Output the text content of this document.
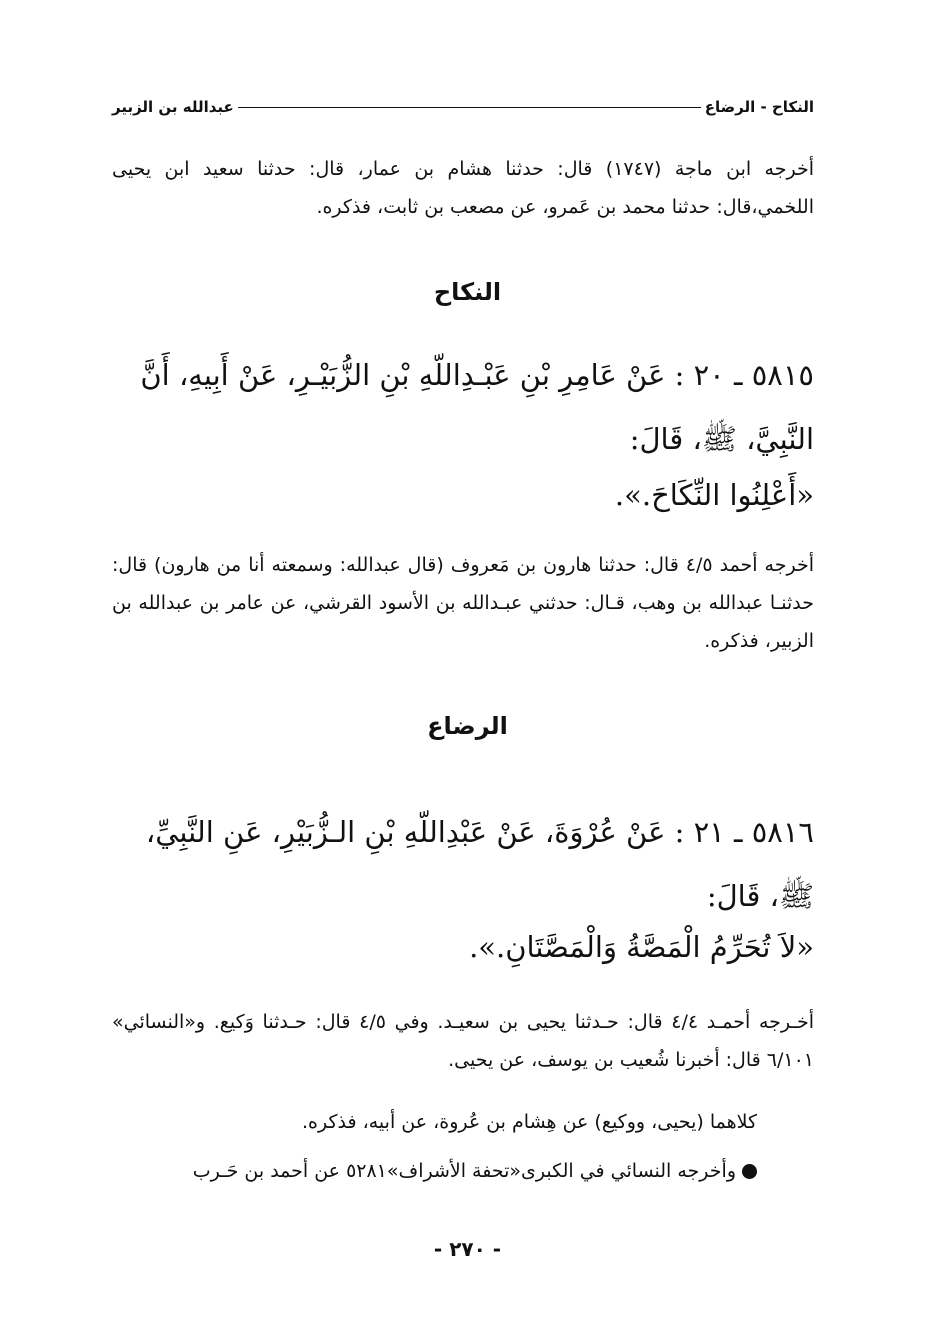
النكاح - الرضاع
عبدالله بن الزبير
أخرجه ابن ماجة (١٧٤٧) قال: حدثنا هشام بن عمار، قال: حدثنا سعيد ابن يحيى اللخمي،قال: حدثنا محمد بن عَمرو، عن مصعب بن ثابت، فذكره.
النكاح
٥٨١٥ ـ ٢٠ : عَنْ عَامِرِ بْنِ عَبْـدِاللّهِ بْنِ الزُّبَيْـرِ، عَنْ أَبِيهِ، أَنَّ النَّبِيَّ، ﷺ، قَالَ:
«أَعْلِنُوا النِّكَاحَ.».
أخرجه أحمد ٤/٥ قال: حدثنا هارون بن مَعروف (قال عبدالله: وسمعته أنا من هارون) قال: حدثنـا عبدالله بن وهب، قـال: حدثني عبـدالله بن الأسود القرشي، عن عامر بن عبدالله بن الزبير، فذكره.
الرضاع
٥٨١٦ ـ ٢١ : عَنْ عُرْوَةَ، عَنْ عَبْدِاللّهِ بْنِ الـزُّبَيْرِ، عَنِ النَّبِيِّ، ﷺ، قَالَ:
«لاَ تُحَرِّمُ الْمَصَّةُ وَالْمَصَّتَانِ.».
أخـرجه أحمـد ٤/٤ قال: حـدثنا يحيى بن سعيـد. وفي ٤/٥ قال: حـدثنا وَكيع. و«النسائي» ٦/١٠١ قال: أخبرنا شُعيب بن يوسف، عن يحيى.
كلاهما (يحيى، ووكيع) عن هِشام بن عُروة، عن أبيه، فذكره.
وأخرجه النسائي في الكبرى«تحفة الأشراف»٥٢٨١ عن أحمد بن حَـرب
- ٢٧٠ -
